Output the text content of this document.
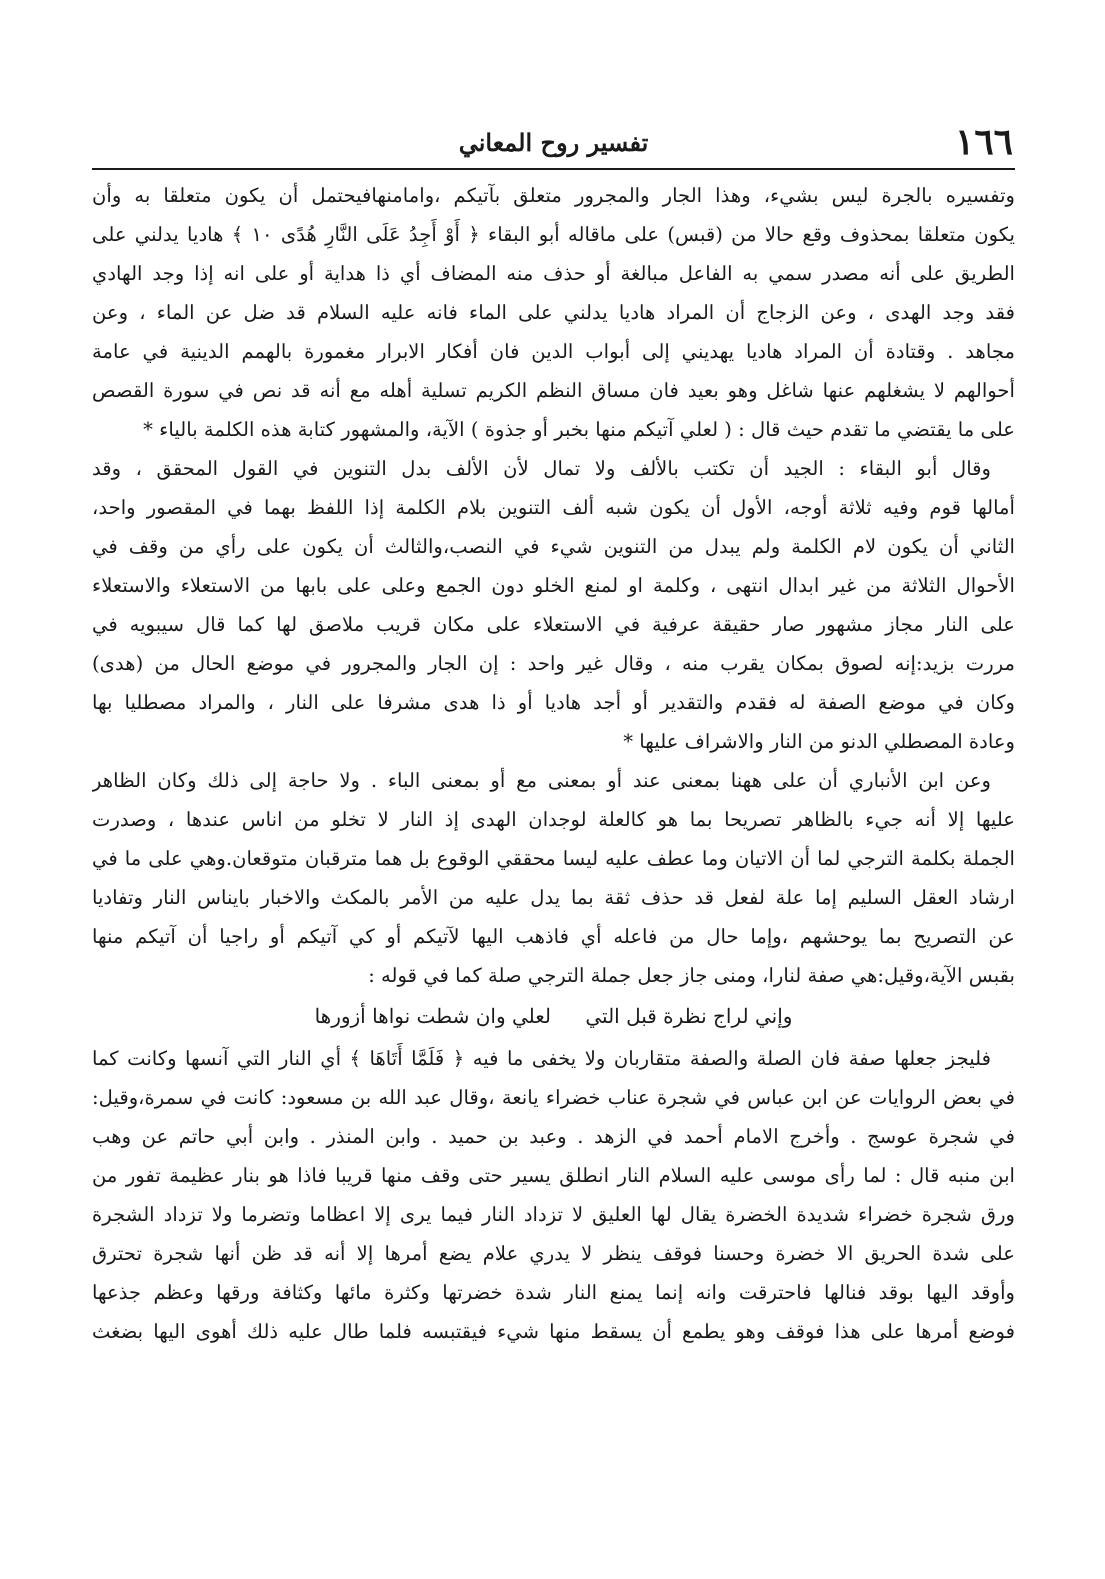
١٦٦
تفسير روح المعاني
وتفسيره بالجرة ليس بشيء، وهذا الجار والمجرور متعلق بآتيكم ،وامامنهافيحتمل أن يكون متعلقا به وأن
يكون متعلقا بمحذوف وقع حالا من (قبس) على ماقاله أبو البقاء ﴿ أَوْ أَجِدُ عَلَى النَّارِ هُدًى ١٠ ﴾ هاديا يدلني على
الطريق على أنه مصدر سمي به الفاعل مبالغة أو حذف منه المضاف أي ذا هداية أو على انه إذا وجد الهادي
فقد وجد الهدى ، وعن الزجاج أن المراد هاديا يدلني على الماء فانه عليه السلام قد ضل عن الماء ، وعن
مجاهد . وقتادة أن المراد هاديا يهديني إلى أبواب الدين فان أفكار الابرار مغمورة بالهمم الدينية في عامة
أحوالهم لا يشغلهم عنها شاغل وهو بعيد فان مساق النظم الكريم تسلية أهله مع أنه قد نص في سورة القصص
على ما يقتضي ما تقدم حيث قال : ( لعلي آتيكم منها بخبر أو جذوة ) الآية، والمشهور كتابة هذه الكلمة بالياء *
وقال أبو البقاء : الجيد أن تكتب بالألف ولا تمال لأن الألف بدل التنوين في القول المحقق ، وقد
أمالها قوم وفيه ثلاثة أوجه، الأول أن يكون شبه ألف التنوين بلام الكلمة إذا اللفظ بهما في المقصور واحد،
الثاني أن يكون لام الكلمة ولم يبدل من التنوين شيء في النصب،والثالث أن يكون على رأي من وقف في
الأحوال الثلاثة من غير ابدال انتهى ، وكلمة او لمنع الخلو دون الجمع وعلى على بابها من الاستعلاء والاستعلاء
على النار مجاز مشهور صار حقيقة عرفية في الاستعلاء على مكان قريب ملاصق لها كما قال سيبويه في
مررت بزيد:إنه لصوق بمكان يقرب منه ، وقال غير واحد : إن الجار والمجرور في موضع الحال من (هدى)
وكان في موضع الصفة له فقدم والتقدير أو أجد هاديا أو ذا هدى مشرفا على النار ، والمراد مصطليا بها
وعادة المصطلي الدنو من النار والاشراف عليها *
وعن ابن الأنباري أن على ههنا بمعنى عند أو بمعنى مع أو بمعنى الباء . ولا حاجة إلى ذلك وكان الظاهر
عليها إلا أنه جيء بالظاهر تصريحا بما هو كالعلة لوجدان الهدى إذ النار لا تخلو من اناس عندها ، وصدرت
الجملة بكلمة الترجي لما أن الاتيان وما عطف عليه ليسا محققي الوقوع بل هما مترقبان متوقعان.وهي على ما في
ارشاد العقل السليم إما علة لفعل قد حذف ثقة بما يدل عليه من الأمر بالمكث والاخبار بايناس النار وتفاديا
عن التصريح بما يوحشهم ،وإما حال من فاعله أي فاذهب اليها لآتيكم أو كي آتيكم أو راجيا أن آتيكم منها
بقبس الآية،وقيل:هي صفة لنارا، ومنى جاز جعل جملة الترجي صلة كما في قوله :
وإني لراج نظرة قبل التي لعلي وان شطت نواها أزورها
فليجز جعلها صفة فان الصلة والصفة متقاربان ولا يخفى ما فيه ﴿ فَلَمَّا أَتَاهَا ﴾ أي النار التي آنسها وكانت كما
في بعض الروايات عن ابن عباس في شجرة عناب خضراء يانعة ،وقال عبد الله بن مسعود: كانت في سمرة،وقيل:
في شجرة عوسج . وأخرج الامام أحمد في الزهد . وعبد بن حميد . وابن المنذر . وابن أبي حاتم عن وهب
ابن منبه قال : لما رأى موسى عليه السلام النار انطلق يسير حتى وقف منها قريبا فاذا هو بنار عظيمة تفور من
ورق شجرة خضراء شديدة الخضرة يقال لها العليق لا تزداد النار فيما يرى إلا اعظاما وتضرما ولا تزداد الشجرة
على شدة الحريق الا خضرة وحسنا فوقف ينظر لا يدري علام يضع أمرها إلا أنه قد ظن أنها شجرة تحترق
وأوقد اليها بوقد فنالها فاحترقت وانه إنما يمنع النار شدة خضرتها وكثرة مائها وكثافة ورقها وعظم جذعها
فوضع أمرها على هذا فوقف وهو يطمع أن يسقط منها شيء فيقتبسه فلما طال عليه ذلك أهوى اليها بضغث
